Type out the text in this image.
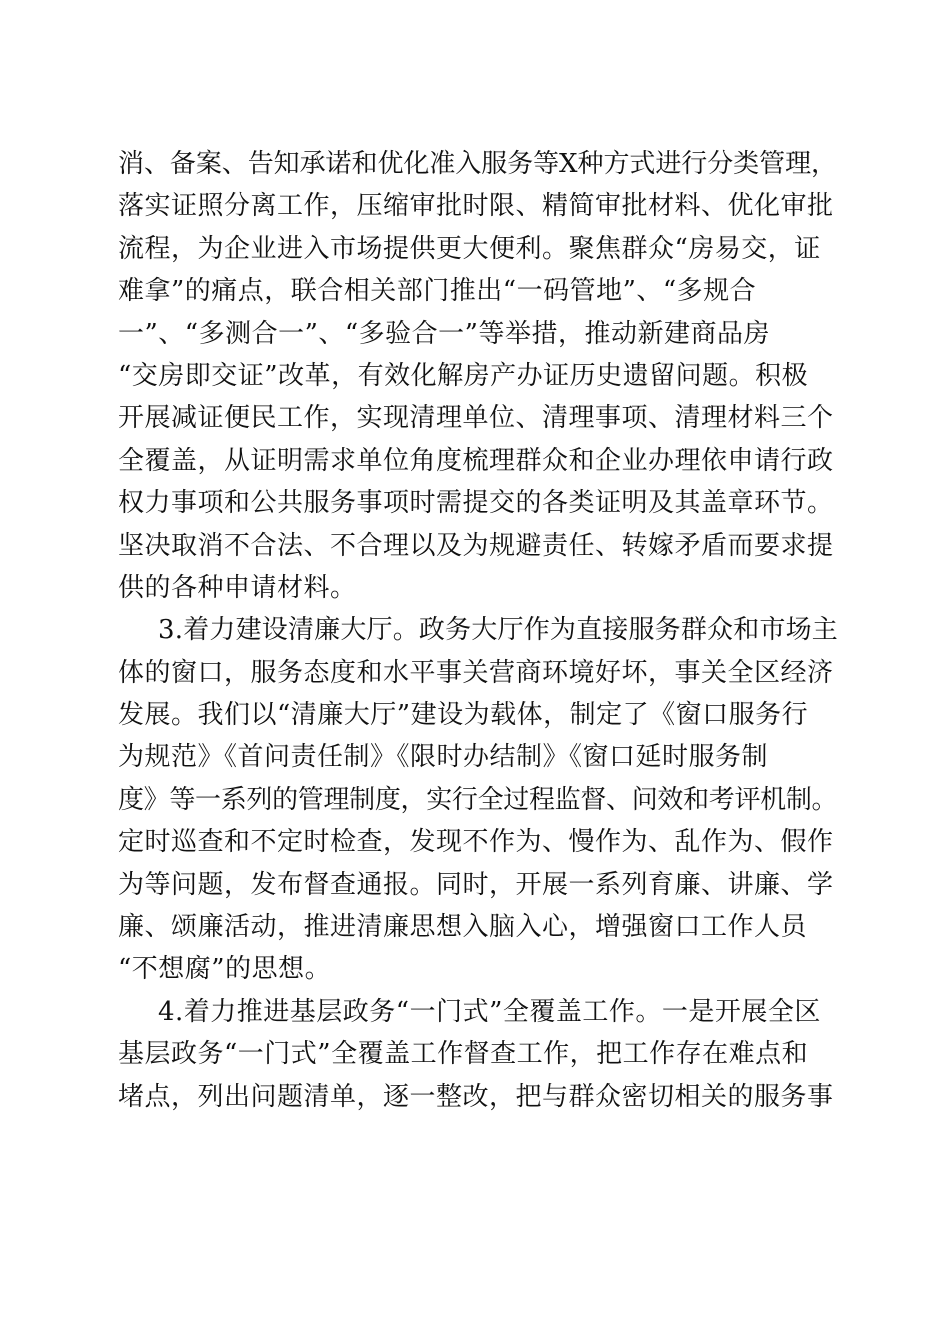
消、备案、告知承诺和优化准入服务等X种方式进行分类管理，
落实证照分离工作，压缩审批时限、精简审批材料、优化审批
流程，为企业进入市场提供更大便利。聚焦群众“房易交，证
难拿”的痛点，联合相关部门推出“一码管地”、“多规合
一”、“多测合一”、“多验合一”等举措，推动新建商品房
“交房即交证”改革，有效化解房产办证历史遗留问题。积极
开展减证便民工作，实现清理单位、清理事项、清理材料三个
全覆盖，从证明需求单位角度梳理群众和企业办理依申请行政
权力事项和公共服务事项时需提交的各类证明及其盖章环节。
坚决取消不合法、不合理以及为规避责任、转嫁矛盾而要求提
供的各种申请材料。
3.着力建设清廉大厅。政务大厅作为直接服务群众和市场主
体的窗口，服务态度和水平事关营商环境好坏，事关全区经济
发展。我们以“清廉大厅”建设为载体，制定了《窗口服务行
为规范》《首问责任制》《限时办结制》《窗口延时服务制
度》等一系列的管理制度，实行全过程监督、问效和考评机制。
定时巡查和不定时检查，发现不作为、慢作为、乱作为、假作
为等问题，发布督查通报。同时，开展一系列育廉、讲廉、学
廉、颂廉活动，推进清廉思想入脑入心，增强窗口工作人员
“不想腐”的思想。
4.着力推进基层政务“一门式”全覆盖工作。一是开展全区
基层政务“一门式”全覆盖工作督查工作，把工作存在难点和
堵点，列出问题清单，逐一整改，把与群众密切相关的服务事
